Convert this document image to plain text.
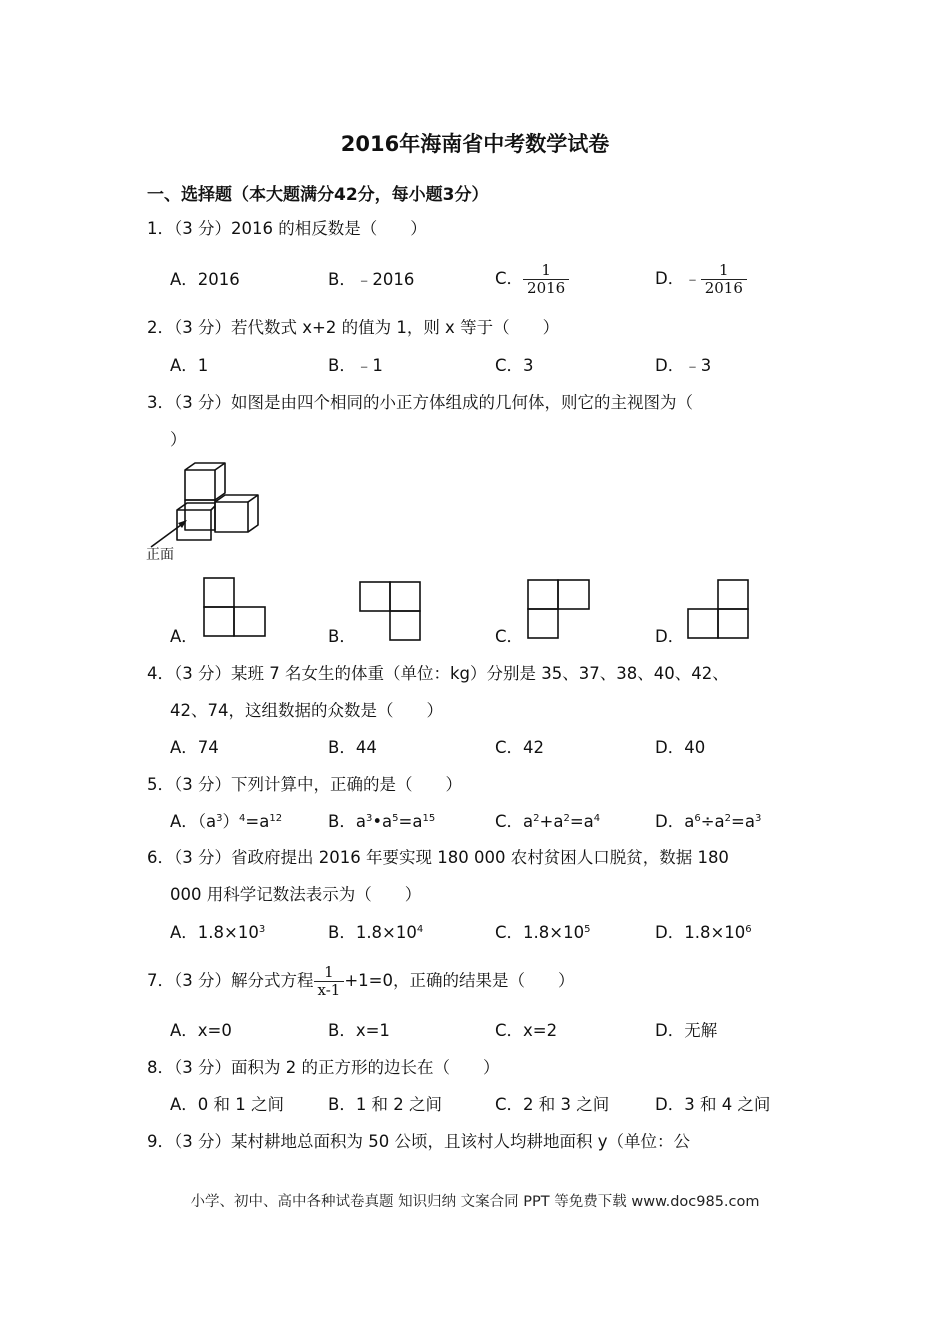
2016年海南省中考数学试卷
一、选择题（本大题满分42分，每小题3分）
1．（3 分）2016 的相反数是（　　）
A．2016	B．﹣2016	C． $\frac{1}{2016}$	D．﹣ $\frac{1}{2016}$
2．（3 分）若代数式 x+2 的值为 1，则 x 等于（　　）
A．1	B．﹣1	C．3	D．﹣3
3．（3 分）如图是由四个相同的小正方体组成的几何体，则它的主视图为（
）
正面
A．	B．	C．	D．
4．（3 分）某班 7 名女生的体重（单位：kg）分别是 35、37、38、40、42、
42、74，这组数据的众数是（　　）
A．74	B．44	C．42	D．40
5．（3 分）下列计算中，正确的是（　　）
A．$(a^3)^4=a^{12}$	B．$a^3•a^5=a^{15}$	C．$a^2+a^2=a^4$	D．$a^6\div a^2=a^3$
6．（3 分）省政府提出 2016 年要实现 180 000 农村贫困人口脱贫，数据 180
000 用科学记数法表示为（　　）
A．$1.8\times 10^3$	B．$1.8\times 10^4$	C．$1.8\times 10^5$	D．$1.8\times 10^6$
7．（3 分）解分式方程 $\frac{1}{x-1} +1=0$，正确的结果是（　　）
A．x=0	B．x=1	C．x=2	D．无解
8．（3 分）面积为 2 的正方形的边长在（　　）
A．0 和 1 之间	B．1 和 2 之间	C．2 和 3 之间	D．3 和 4 之间
9．（3 分）某村耕地总面积为 50 公顷，且该村人均耕地面积 y（单位：公
小学、初中、高中各种试卷真题 知识归纳 文案合同 PPT 等免费下载 www.doc985.com
